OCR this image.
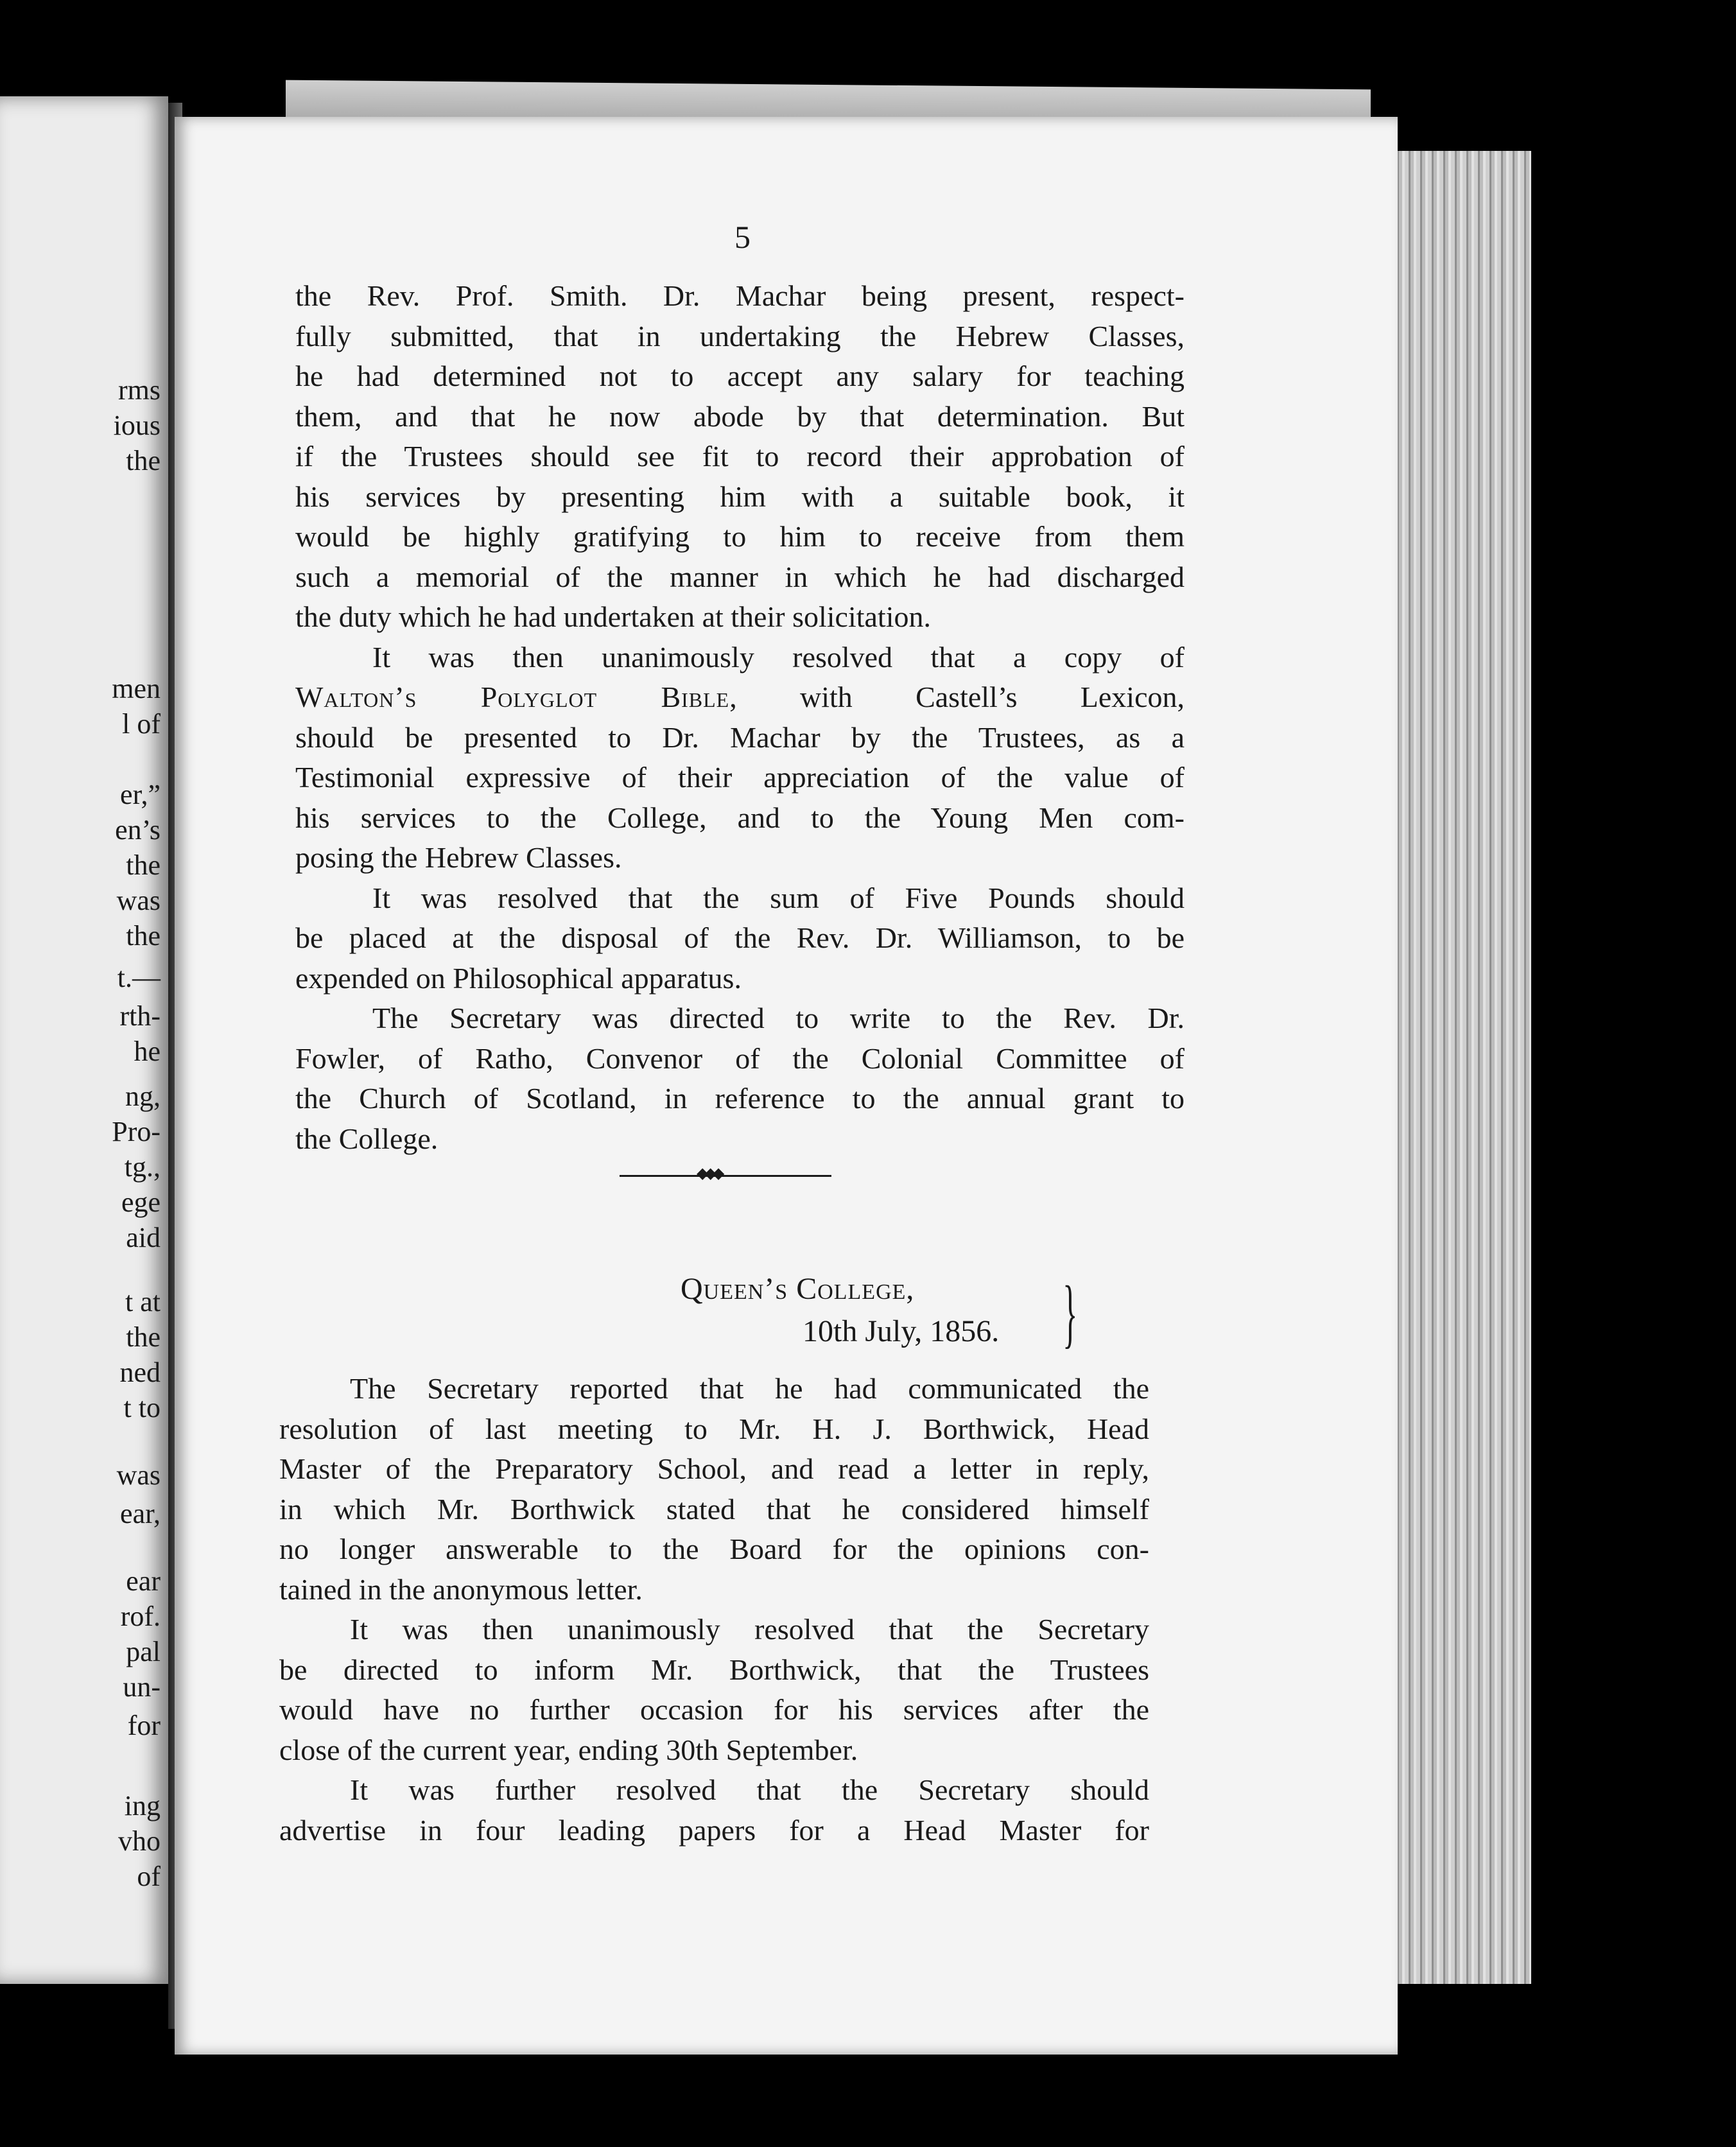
rms
ious
the
men
l of
er,”
en’s
the
was
the
t.—
rth-
he
ng,
Pro-
tg.,
ege
aid
t at
the
ned
t to
was
ear,
ear
rof.
pal
un-
for
ing
vho
of
5
the Rev. Prof. Smith. Dr. Machar being present, respect-
fully submitted, that in undertaking the Hebrew Classes,
he had determined not to accept any salary for teaching
them, and that he now abode by that determination. But
if the Trustees should see fit to record their approbation of
his services by presenting him with a suitable book, it
would be highly gratifying to him to receive from them
such a memorial of the manner in which he had discharged
the duty which he had undertaken at their solicitation.
It was then unanimously resolved that a copy of
Walton’s Polyglot Bible, with Castell’s Lexicon,
should be presented to Dr. Machar by the Trustees, as a
Testimonial expressive of their appreciation of the value of
his services to the College, and to the Young Men com-
posing the Hebrew Classes.
It was resolved that the sum of Five Pounds should
be placed at the disposal of the Rev. Dr. Williamson, to be
expended on Philosophical apparatus.
The Secretary was directed to write to the Rev. Dr.
Fowler, of Ratho, Convenor of the Colonial Committee of
the Church of Scotland, in reference to the annual grant to
the College.
◆◆◆
Queen’s College,
10th July, 1856. }
The Secretary reported that he had communicated the
resolution of last meeting to Mr. H. J. Borthwick, Head
Master of the Preparatory School, and read a letter in reply,
in which Mr. Borthwick stated that he considered himself
no longer answerable to the Board for the opinions con-
tained in the anonymous letter.
It was then unanimously resolved that the Secretary
be directed to inform Mr. Borthwick, that the Trustees
would have no further occasion for his services after the
close of the current year, ending 30th September.
It was further resolved that the Secretary should
advertise in four leading papers for a Head Master for
